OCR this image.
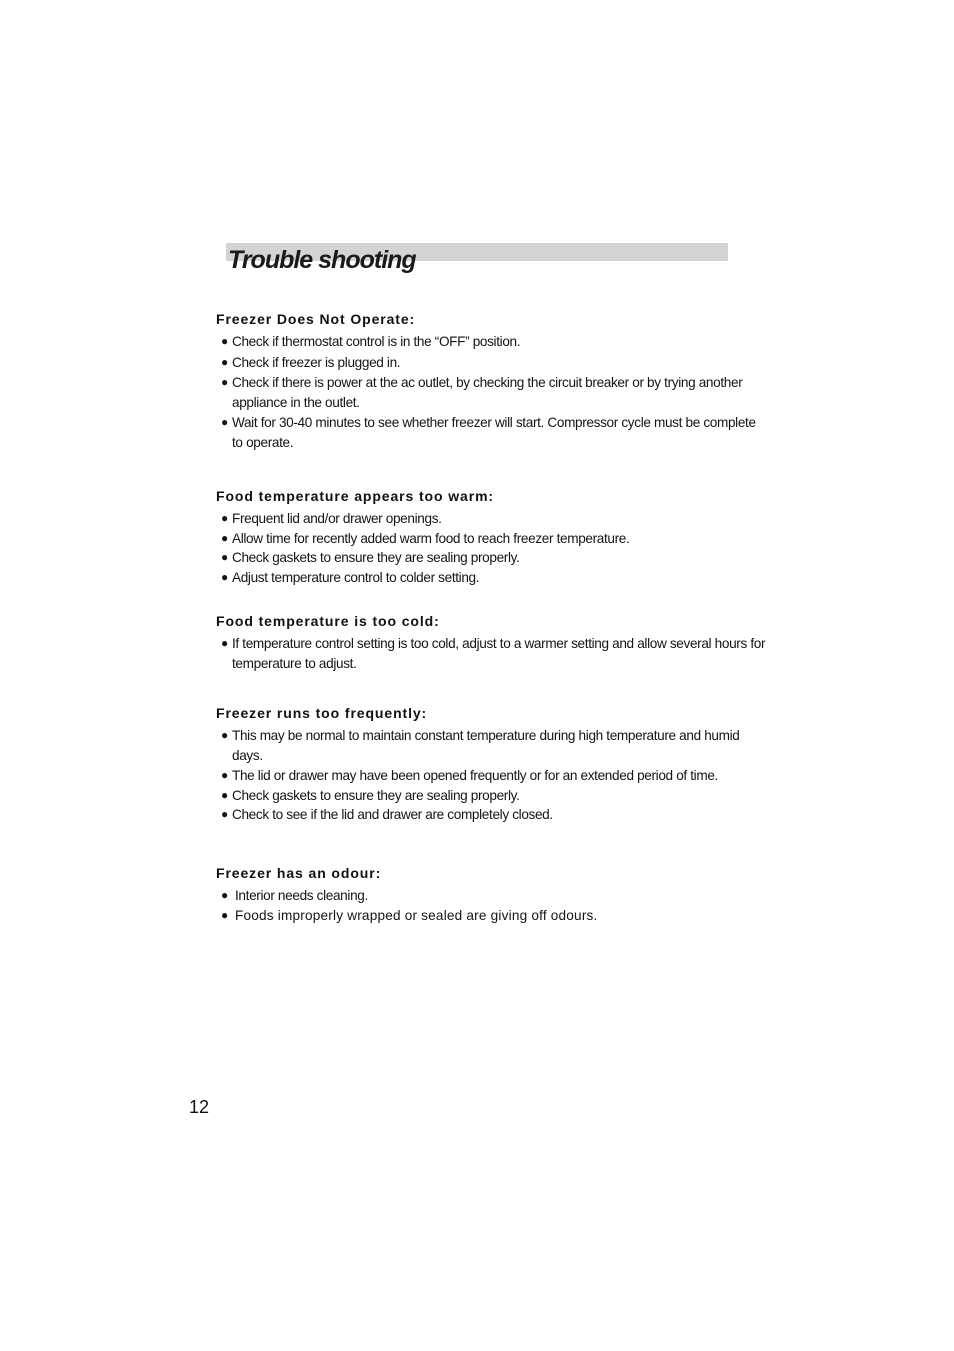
Trouble shooting
Freezer Does Not Operate:
● Check if thermostat control is in the “OFF” position.
● Check if freezer is plugged in.
● Check if there is power at the ac outlet, by checking the circuit breaker or by trying another appliance in the outlet.
● Wait for 30-40 minutes to see whether freezer will start. Compressor cycle must be complete to operate.
Food temperature appears too warm:
● Frequent lid and/or drawer openings.
● Allow time for recently added warm food to reach freezer temperature.
● Check gaskets to ensure they are sealing properly.
● Adjust temperature control to colder setting.
Food temperature is too cold:
● If temperature control setting is too cold, adjust to a warmer setting and allow several hours for temperature to adjust.
Freezer runs too frequently:
● This may be normal to maintain constant temperature during high temperature and humid days.
● The lid or drawer may have been opened frequently or for an extended period of time.
● Check gaskets to ensure they are sealing properly.
● Check to see if the lid and drawer are completely closed.
Freezer has an odour:
● Interior needs cleaning.
● Foods improperly wrapped or sealed are giving off odours.
12
